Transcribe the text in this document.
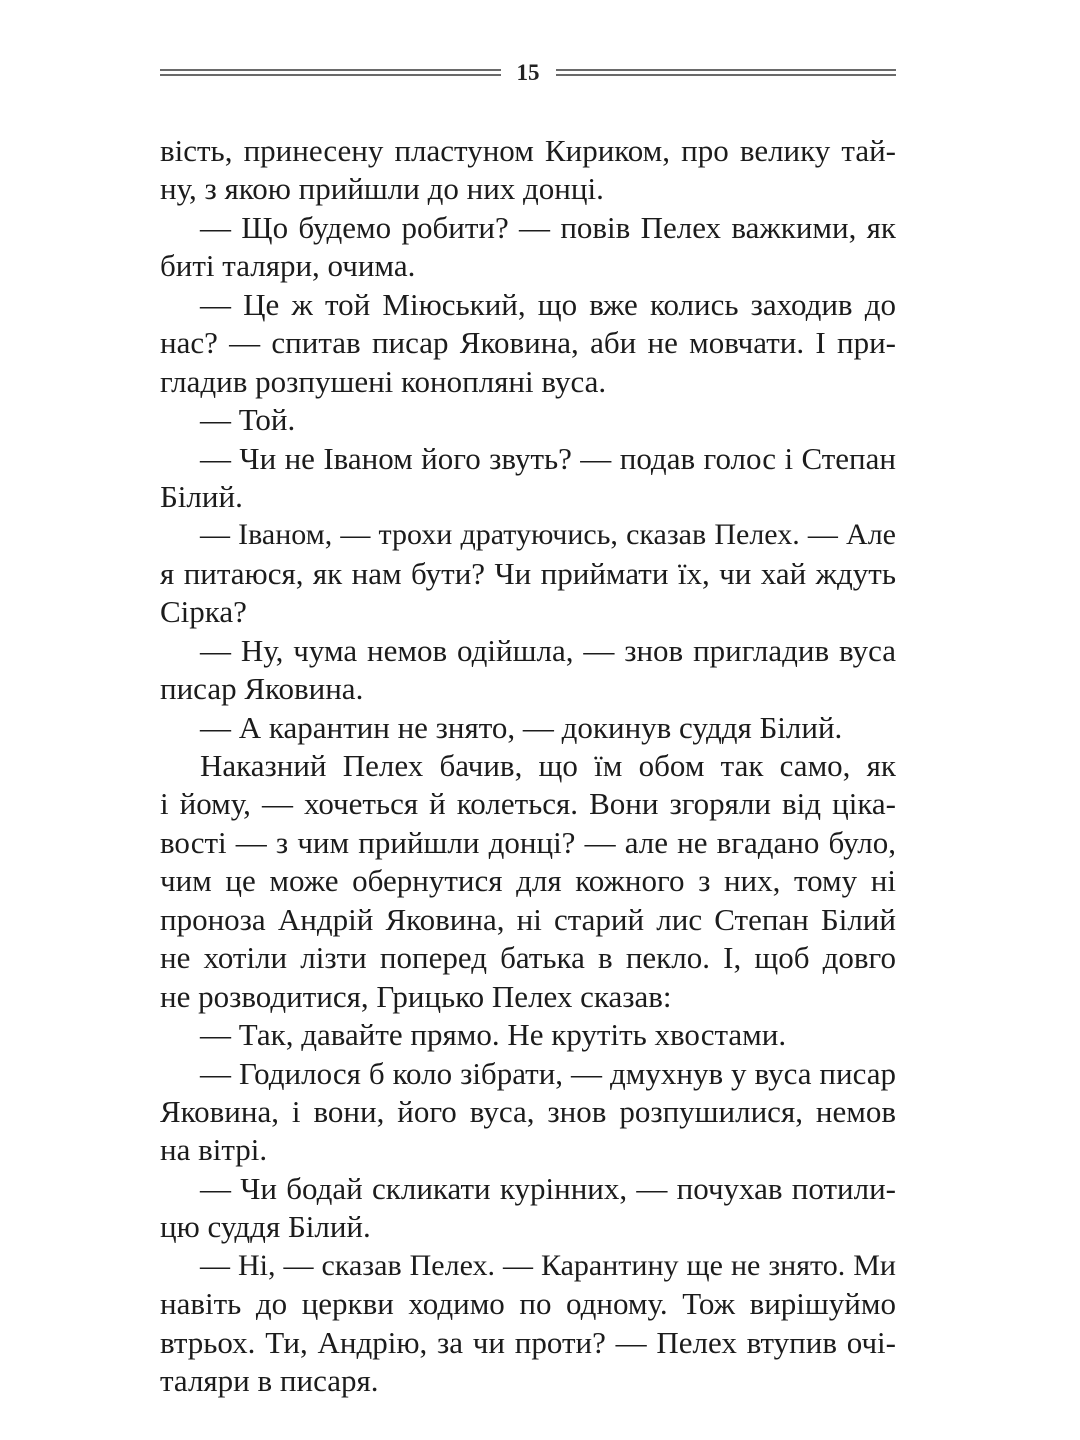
15
вість, принесену пластуном Кириком, про велику тай-
ну, з якою прийшли до них донці.
— Що будемо робити? — повів Пелех важкими, як
биті таляри, очима.
— Це ж той Міюський, що вже колись заходив до
нас? — спитав писар Яковина, аби не мовчати. І при-
гладив розпушені конопляні вуса.
— Той.
— Чи не Іваном його звуть? — подав голос і Степан
Білий.
— Іваном, — трохи дратуючись, сказав Пелех. — Але
я питаюся, як нам бути? Чи приймати їх, чи хай ждуть
Сірка?
— Ну, чума немов одійшла, — знов пригладив вуса
писар Яковина.
— А карантин не знято, — докинув суддя Білий.
Наказний Пелех бачив, що їм обом так само, як
і йому, — хочеться й колеться. Вони згоряли від ціка-
вості — з чим прийшли донці? — але не вгадано було,
чим це може обернутися для кожного з них, тому ні
проноза Андрій Яковина, ні старий лис Степан Білий
не хотіли лізти поперед батька в пекло. І, щоб довго
не розводитися, Грицько Пелех сказав:
— Так, давайте прямо. Не крутіть хвостами.
— Годилося б коло зібрати, — дмухнув у вуса писар
Яковина, і вони, його вуса, знов розпушилися, немов
на вітрі.
— Чи бодай скликати курінних, — почухав потили-
цю суддя Білий.
— Ні, — сказав Пелех. — Карантину ще не знято. Ми
навіть до церкви ходимо по одному. Тож вирішуймо
втрьох. Ти, Андрію, за чи проти? — Пелех втупив очі-
таляри в писаря.
